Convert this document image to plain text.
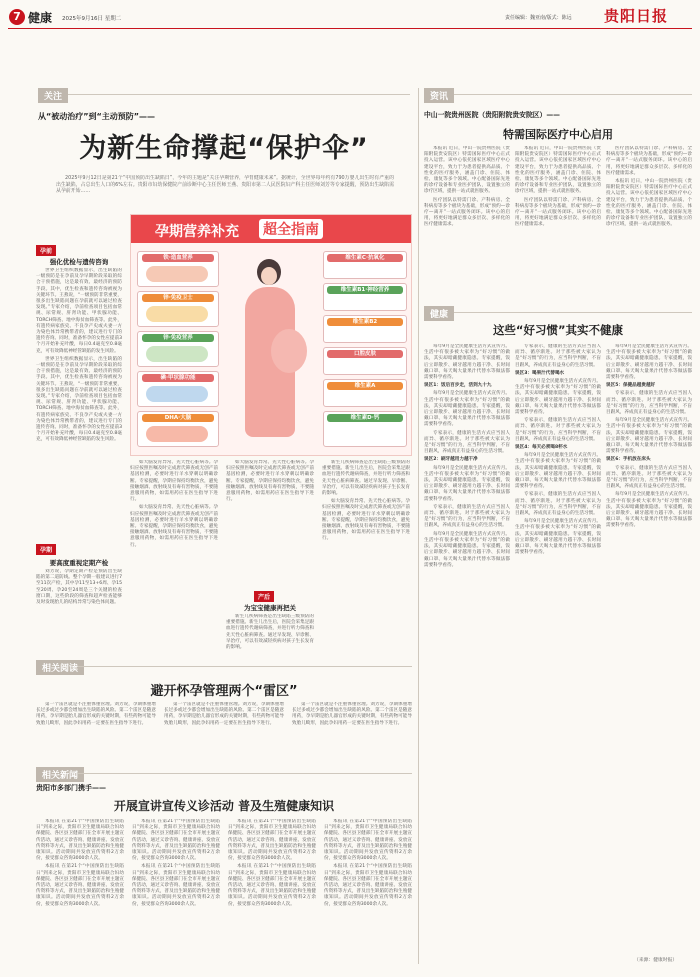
7 健康 2025年9月16日 星期二	责任编辑：魏亚南/版式：陈远 贵阳日报
关注
从“被动治疗”到“主动预防”——
为新生命撑起“保护伞”

2025年9月12日是第21个“中国预防出生缺陷日”，今年的主题是“关注孕期营养，孕育健康未来”。据统计，全世界每年约有790万婴儿出生时有严重的出生缺陷，占总出生人口的6%左右。贵阳市妇幼保健院产前诊断中心主任医师王燕、贵阳市第二人民医院妇产科主任医师刘芳等专家提醒，预防出生缺陷需从孕前开始……

孕前
强化优检与遗传咨询

世界卫生组织数据显示，出生缺陷的一级预防是在孕前及孕早期阶段采取的综合干预措施，这是最有效、最经济的预防手段。其中，优生检查和遗传咨询被视为关键环节。王燕说，“一级预防非常重要，很多出生缺陷问题在孕前就可以通过检查发现。”专家介绍，孕前检查项目包括血常规、尿常规、肝肾功能、甲状腺功能、TORCH筛查、地中海贫血筛查等。此外，有遗传病家族史、不良孕产史或夫妻一方为染色体异常携带者的，建议进行专门的遗传咨询。同时，准备怀孕的女性应提前3个月开始补充叶酸，每日0.4毫克至0.8毫克，可有效降低神经管缺陷的发生风险。

世界卫生组织数据显示，出生缺陷的一级预防是在孕前及孕早期阶段采取的综合干预措施，这是最有效、最经济的预防手段。其中，优生检查和遗传咨询被视为关键环节。王燕说，“一级预防非常重要，很多出生缺陷问题在孕前就可以通过检查发现。”专家介绍，孕前检查项目包括血常规、尿常规、肝肾功能、甲状腺功能、TORCH筛查、地中海贫血筛查等。此外，有遗传病家族史、不良孕产史或夫妻一方为染色体异常携带者的，建议进行专门的遗传咨询。同时，准备怀孕的女性应提前3个月开始补充叶酸，每日0.4毫克至0.8毫克，可有效降低神经管缺陷的发生风险。

孕期
要高度重视定期产检

刘芳说，孕期定期产检是预防出生缺陷的第二道防线。整个孕期一般建议进行7至11次产检，其中孕11至13+6周、孕15至20周、孕20至24周是三个关键的检查窗口期，这些阶段的筛查和超声检查能够及时发现胎儿的结构异常与染色体问题。

孕期营养补充 超全指南
铁·造血营养
锌·免疫卫士
锌·免疫营养
碘·甲状腺功能
DHA·大脑
维生素C·抗氧化
维生素B1·神经营养
维生素B2
口腔皮肤
维生素A
维生素D·钙

如大脑发育异常、先天性心脏病等。孕妇应按照医嘱及时完成唐氏筛查或无创产前基因检测，必要时进行羊水穿刺以明确诊断。专家提醒，孕期应保持均衡饮食，避免接触烟酒、放射线及有毒有害物质，不要随意服用药物，如需用药应在医生指导下进行。

如大脑发育异常、先天性心脏病等。孕妇应按照医嘱及时完成唐氏筛查或无创产前基因检测，必要时进行羊水穿刺以明确诊断。专家提醒，孕期应保持均衡饮食，避免接触烟酒、放射线及有毒有害物质，不要随意服用药物，如需用药应在医生指导下进行。

如大脑发育异常、先天性心脏病等。孕妇应按照医嘱及时完成唐氏筛查或无创产前基因检测，必要时进行羊水穿刺以明确诊断。专家提醒，孕期应保持均衡饮食，避免接触烟酒、放射线及有毒有害物质，不要随意服用药物，如需用药应在医生指导下进行。

产后
为宝宝健康再把关

新生儿疾病筛查是出生缺陷三级预防的重要措施。新生儿出生后，医院会采集足跟血进行遗传代谢病筛查，并进行听力筛查和先天性心脏病筛查。通过早发现、早诊断、早治疗，可以有效减轻疾病对孩子生长发育的影响。

新生儿疾病筛查是出生缺陷三级预防的重要措施。新生儿出生后，医院会采集足跟血进行遗传代谢病筛查，并进行听力筛查和先天性心脏病筛查。通过早发现、早诊断、早治疗，可以有效减轻疾病对孩子生长发育的影响。

如大脑发育异常、先天性心脏病等。孕妇应按照医嘱及时完成唐氏筛查或无创产前基因检测，必要时进行羊水穿刺以明确诊断。专家提醒，孕期应保持均衡饮食，避免接触烟酒、放射线及有毒有害物质，不要随意服用药物，如需用药应在医生指导下进行。

相关阅读
避开怀孕管理两个“雷区”

第一个雷区就是不注重体重管理。刘芳说，孕期体重增长过多或过少都会增加出生缺陷的风险。第二个雷区是随意用药，孕早期是胎儿器官形成的关键时期，有些药物可能导致胎儿畸形，因此孕妇用药一定要在医生指导下进行。

第一个雷区就是不注重体重管理。刘芳说，孕期体重增长过多或过少都会增加出生缺陷的风险。第二个雷区是随意用药，孕早期是胎儿器官形成的关键时期，有些药物可能导致胎儿畸形，因此孕妇用药一定要在医生指导下进行。

第一个雷区就是不注重体重管理。刘芳说，孕期体重增长过多或过少都会增加出生缺陷的风险。第二个雷区是随意用药，孕早期是胎儿器官形成的关键时期，有些药物可能导致胎儿畸形，因此孕妇用药一定要在医生指导下进行。

相关新闻
贵阳市多部门携手——
开展宣讲宣传义诊活动 普及生殖健康知识

本报讯 在第21个“中国预防出生缺陷日”到来之际，贵阳市卫生健康局联合妇幼保健院、各区县卫健部门在全市开展主题宣传活动，通过义诊咨询、健康讲座、发放宣传资料等方式，普及出生缺陷防治和生殖健康知识。活动期间共发放宣传资料2万余份，接受群众咨询3000余人次。

本报讯 在第21个“中国预防出生缺陷日”到来之际，贵阳市卫生健康局联合妇幼保健院、各区县卫健部门在全市开展主题宣传活动，通过义诊咨询、健康讲座、发放宣传资料等方式，普及出生缺陷防治和生殖健康知识。活动期间共发放宣传资料2万余份，接受群众咨询3000余人次。

本报讯 在第21个“中国预防出生缺陷日”到来之际，贵阳市卫生健康局联合妇幼保健院、各区县卫健部门在全市开展主题宣传活动，通过义诊咨询、健康讲座、发放宣传资料等方式，普及出生缺陷防治和生殖健康知识。活动期间共发放宣传资料2万余份，接受群众咨询3000余人次。

本报讯 在第21个“中国预防出生缺陷日”到来之际，贵阳市卫生健康局联合妇幼保健院、各区县卫健部门在全市开展主题宣传活动，通过义诊咨询、健康讲座、发放宣传资料等方式，普及出生缺陷防治和生殖健康知识。活动期间共发放宣传资料2万余份，接受群众咨询3000余人次。

本报讯 在第21个“中国预防出生缺陷日”到来之际，贵阳市卫生健康局联合妇幼保健院、各区县卫健部门在全市开展主题宣传活动，通过义诊咨询、健康讲座、发放宣传资料等方式，普及出生缺陷防治和生殖健康知识。活动期间共发放宣传资料2万余份，接受群众咨询3000余人次。

本报讯 在第21个“中国预防出生缺陷日”到来之际，贵阳市卫生健康局联合妇幼保健院、各区县卫健部门在全市开展主题宣传活动，通过义诊咨询、健康讲座、发放宣传资料等方式，普及出生缺陷防治和生殖健康知识。活动期间共发放宣传资料2万余份，接受群众咨询3000余人次。

本报讯 在第21个“中国预防出生缺陷日”到来之际，贵阳市卫生健康局联合妇幼保健院、各区县卫健部门在全市开展主题宣传活动，通过义诊咨询、健康讲座、发放宣传资料等方式，普及出生缺陷防治和生殖健康知识。活动期间共发放宣传资料2万余份，接受群众咨询3000余人次。

本报讯 在第21个“中国预防出生缺陷日”到来之际，贵阳市卫生健康局联合妇幼保健院、各区县卫健部门在全市开展主题宣传活动，通过义诊咨询、健康讲座、发放宣传资料等方式，普及出生缺陷防治和生殖健康知识。活动期间共发放宣传资料2万余份，接受群众咨询3000余人次。

资讯
中山一院贵州医院（贵阳附院贵安院区）——
特需国际医疗中心启用

本报讯 近日，中山一院贵州医院（贵阳附院贵安院区）特需国际医疗中心正式投入运营。该中心依托国家区域医疗中心建设平台，致力于为患者提供高品质、个性化的医疗服务，涵盖门诊、住院、体检、康复等多个领域。中心配备国际先进的诊疗设备和专业医护团队，设置独立的诊疗区域，提供一站式就医服务。

医疗团队以特需门诊、产科病房、全科病房等多个板块为基础，形成“预约—诊疗—离开”一站式服务闭环。该中心的启用，将更好地满足群众多层次、多样化的医疗健康需求。

本报讯 近日，中山一院贵州医院（贵阳附院贵安院区）特需国际医疗中心正式投入运营。该中心依托国家区域医疗中心建设平台，致力于为患者提供高品质、个性化的医疗服务，涵盖门诊、住院、体检、康复等多个领域。中心配备国际先进的诊疗设备和专业医护团队，设置独立的诊疗区域，提供一站式就医服务。

医疗团队以特需门诊、产科病房、全科病房等多个板块为基础，形成“预约—诊疗—离开”一站式服务闭环。该中心的启用，将更好地满足群众多层次、多样化的医疗健康需求。

医疗团队以特需门诊、产科病房、全科病房等多个板块为基础，形成“预约—诊疗—离开”一站式服务闭环。该中心的启用，将更好地满足群众多层次、多样化的医疗健康需求。

本报讯 近日，中山一院贵州医院（贵阳附院贵安院区）特需国际医疗中心正式投入运营。该中心依托国家区域医疗中心建设平台，致力于为患者提供高品质、个性化的医疗服务，涵盖门诊、住院、体检、康复等多个领域。中心配备国际先进的诊疗设备和专业医护团队，设置独立的诊疗区域，提供一站式就医服务。

健康
这些“好习惯”其实不健康

每年9月是全民健康生活方式宣传月。生活中有很多被大家奉为“好习惯”的做法，其实却暗藏健康隐患。专家提醒，饭后立即散步、刷牙越用力越干净、长时间戴口罩、每天喝大量果汁代替水等做法都需要科学看待。

误区1：饭后百步走，活到九十九

每年9月是全民健康生活方式宣传月。生活中有很多被大家奉为“好习惯”的做法，其实却暗藏健康隐患。专家提醒，饭后立即散步、刷牙越用力越干净、长时间戴口罩、每天喝大量果汁代替水等做法都需要科学看待。

专家表示，健康的生活方式应当因人而异、循序渐进。对于那些被大家认为是“好习惯”的行为，应当科学判断，不盲目跟风，养成真正有益身心的生活习惯。

误区2：刷牙越用力越干净

每年9月是全民健康生活方式宣传月。生活中有很多被大家奉为“好习惯”的做法，其实却暗藏健康隐患。专家提醒，饭后立即散步、刷牙越用力越干净、长时间戴口罩、每天喝大量果汁代替水等做法都需要科学看待。

专家表示，健康的生活方式应当因人而异、循序渐进。对于那些被大家认为是“好习惯”的行为，应当科学判断，不盲目跟风，养成真正有益身心的生活习惯。

每年9月是全民健康生活方式宣传月。生活中有很多被大家奉为“好习惯”的做法，其实却暗藏健康隐患。专家提醒，饭后立即散步、刷牙越用力越干净、长时间戴口罩、每天喝大量果汁代替水等做法都需要科学看待。

专家表示，健康的生活方式应当因人而异、循序渐进。对于那些被大家认为是“好习惯”的行为，应当科学判断，不盲目跟风，养成真正有益身心的生活习惯。

误区3：喝果汁代替喝水

每年9月是全民健康生活方式宣传月。生活中有很多被大家奉为“好习惯”的做法，其实却暗藏健康隐患。专家提醒，饭后立即散步、刷牙越用力越干净、长时间戴口罩、每天喝大量果汁代替水等做法都需要科学看待。

专家表示，健康的生活方式应当因人而异、循序渐进。对于那些被大家认为是“好习惯”的行为，应当科学判断，不盲目跟风，养成真正有益身心的生活习惯。

误区4：每天必须喝8杯水

每年9月是全民健康生活方式宣传月。生活中有很多被大家奉为“好习惯”的做法，其实却暗藏健康隐患。专家提醒，饭后立即散步、刷牙越用力越干净、长时间戴口罩、每天喝大量果汁代替水等做法都需要科学看待。

专家表示，健康的生活方式应当因人而异、循序渐进。对于那些被大家认为是“好习惯”的行为，应当科学判断，不盲目跟风，养成真正有益身心的生活习惯。

每年9月是全民健康生活方式宣传月。生活中有很多被大家奉为“好习惯”的做法，其实却暗藏健康隐患。专家提醒，饭后立即散步、刷牙越用力越干净、长时间戴口罩、每天喝大量果汁代替水等做法都需要科学看待。

每年9月是全民健康生活方式宣传月。生活中有很多被大家奉为“好习惯”的做法，其实却暗藏健康隐患。专家提醒，饭后立即散步、刷牙越用力越干净、长时间戴口罩、每天喝大量果汁代替水等做法都需要科学看待。

误区5：保健品越贵越好

专家表示，健康的生活方式应当因人而异、循序渐进。对于那些被大家认为是“好习惯”的行为，应当科学判断，不盲目跟风，养成真正有益身心的生活习惯。

每年9月是全民健康生活方式宣传月。生活中有很多被大家奉为“好习惯”的做法，其实却暗藏健康隐患。专家提醒，饭后立即散步、刷牙越用力越干净、长时间戴口罩、每天喝大量果汁代替水等做法都需要科学看待。

误区6：手机放在床头

专家表示，健康的生活方式应当因人而异、循序渐进。对于那些被大家认为是“好习惯”的行为，应当科学判断，不盲目跟风，养成真正有益身心的生活习惯。

每年9月是全民健康生活方式宣传月。生活中有很多被大家奉为“好习惯”的做法，其实却暗藏健康隐患。专家提醒，饭后立即散步、刷牙越用力越干净、长时间戴口罩、每天喝大量果汁代替水等做法都需要科学看待。

（来源：健康时报）
